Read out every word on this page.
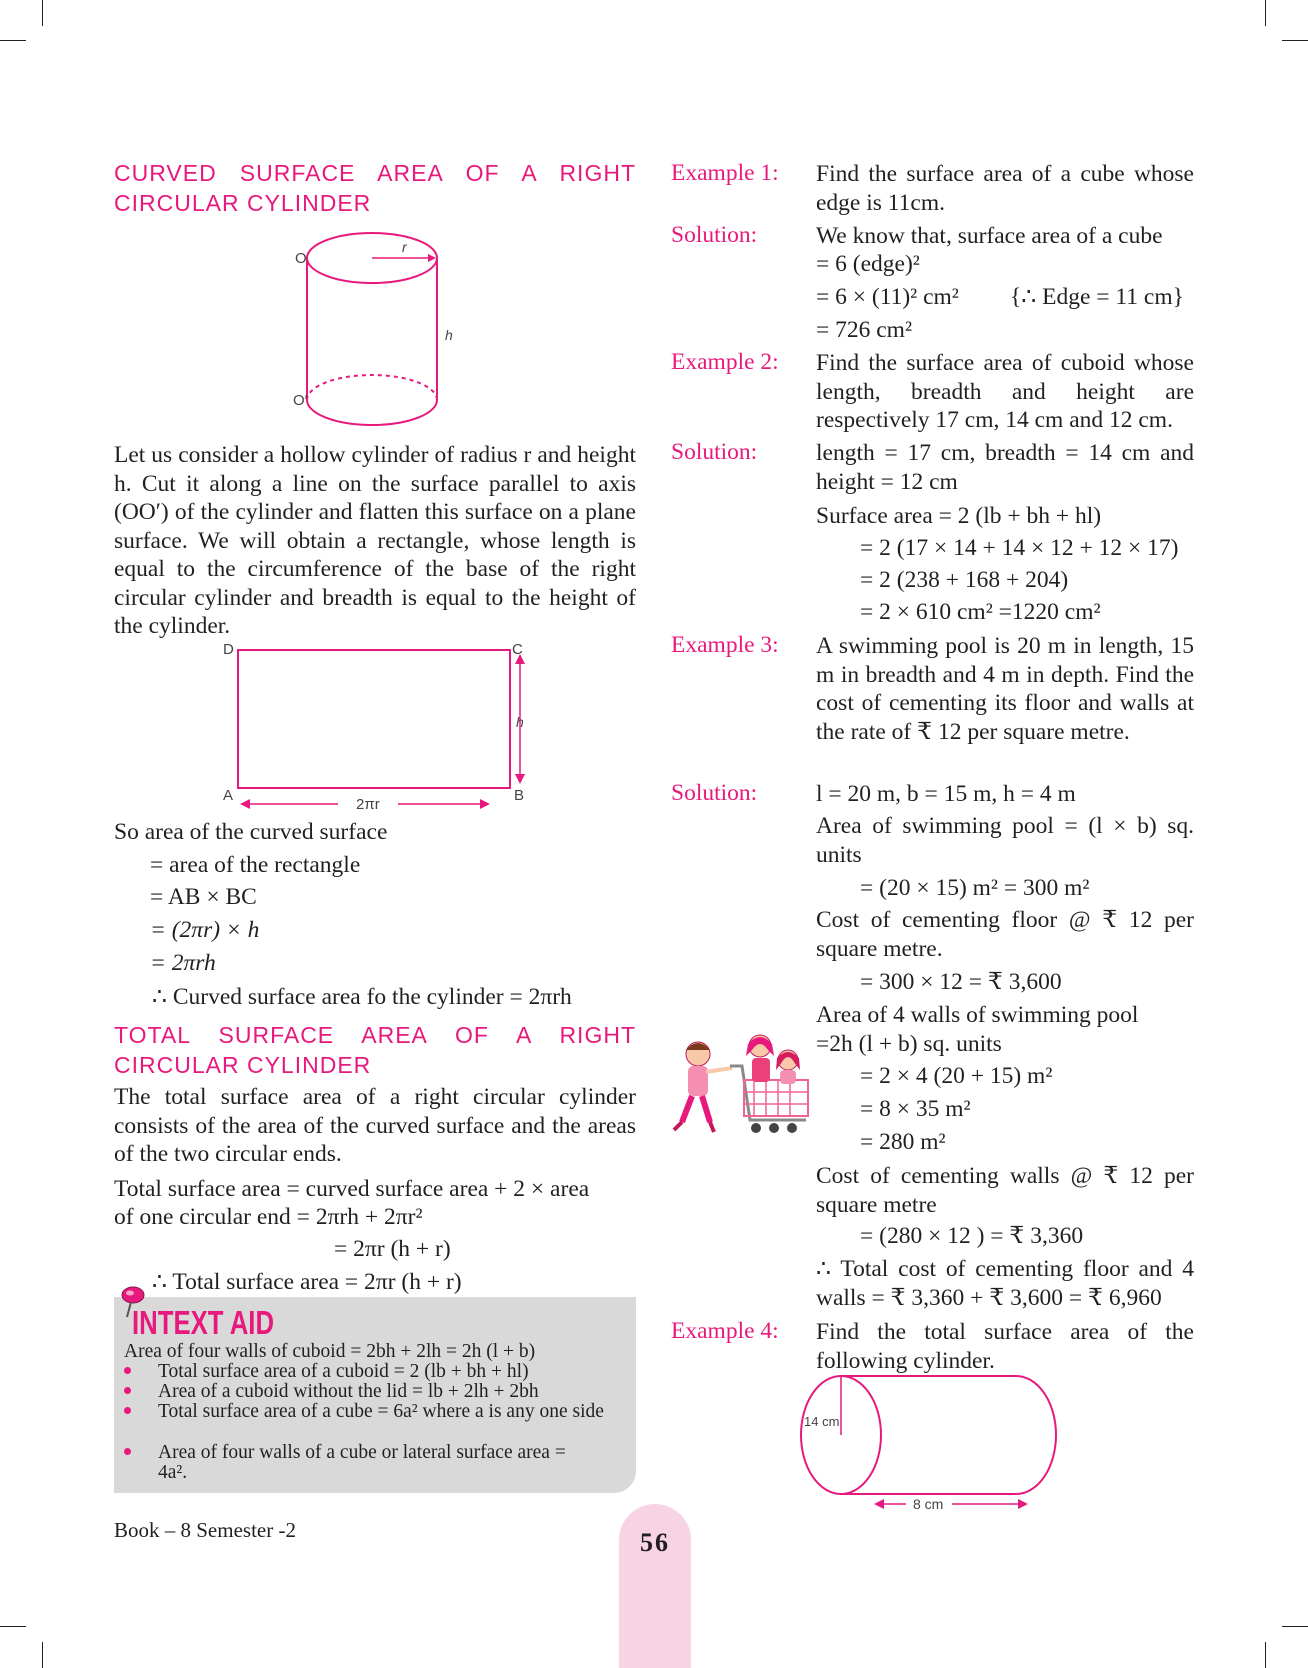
CURVED SURFACE AREA OF A RIGHT
CIRCULAR CYLINDER
O
r
h
O′
Let us consider a hollow cylinder of radius r and height h. Cut it along a line on the surface parallel to axis (OO′) of the cylinder and flatten this surface on a plane surface. We will obtain a rectangle, whose length is equal to the circumference of the base of the right circular cylinder and breadth is equal to the height of the cylinder.
D	C
A	B
h
2πr
So area of the curved surface
= area of the rectangle
= AB × BC
= (2πr) × h
= 2πrh
∴ Curved surface area fo the cylinder = 2πrh
TOTAL SURFACE AREA OF A RIGHT
CIRCULAR CYLINDER
The total surface area of a right circular cylinder consists of the area of the curved surface and the areas of the two circular ends.
Total surface area = curved surface area + 2 × area
of one circular end = 2πrh + 2πr²
= 2πr (h + r)
∴ Total surface area = 2πr (h + r)
INTEXT AID
Area of four walls of cuboid = 2bh + 2lh = 2h (l + b)
Total surface area of a cuboid = 2 (lb + bh + hl)
Area of a cuboid without the lid = lb + 2lh + 2bh
Total surface area of a cube = 6a² where a is any one side
Area of four walls of a cube or lateral surface area = 4a².
Example 1: Find the surface area of a cube whose edge is 11cm.
Solution:	We know that, surface area of a cube
= 6 (edge)²
= 6 × (11)² cm² {∴ Edge = 11 cm}
= 726 cm²
Example 2: Find the surface area of cuboid whose length, breadth and height are respectively 17 cm, 14 cm and 12 cm.
Solution:	length = 17 cm, breadth = 14 cm and height = 12 cm
Surface area = 2 (lb + bh + hl)
= 2 (17 × 14 + 14 × 12 + 12 × 17)
= 2 (238 + 168 + 204)
= 2 × 610 cm² =1220 cm²
Example 3: A swimming pool is 20 m in length, 15 m in breadth and 4 m in depth. Find the cost of cementing its floor and walls at the rate of ₹ 12 per square metre.
Solution:	l = 20 m, b = 15 m, h = 4 m
Area of swimming pool = (l × b) sq. units
= (20 × 15) m² = 300 m²
Cost of cementing floor @ ₹ 12 per square metre.
= 300 × 12 = ₹ 3,600
Area of 4 walls of swimming pool
=2h (l + b) sq. units
= 2 × 4 (20 + 15) m²
= 8 × 35 m²
= 280 m²
Cost of cementing walls @ ₹ 12 per square metre
= (280 × 12 ) = ₹ 3,360
∴ Total cost of cementing floor and 4 walls = ₹ 3,360 + ₹ 3,600 = ₹ 6,960
Example 4: Find the total surface area of the following cylinder.
14 cm
8 cm
Book – 8 Semester -2	56
